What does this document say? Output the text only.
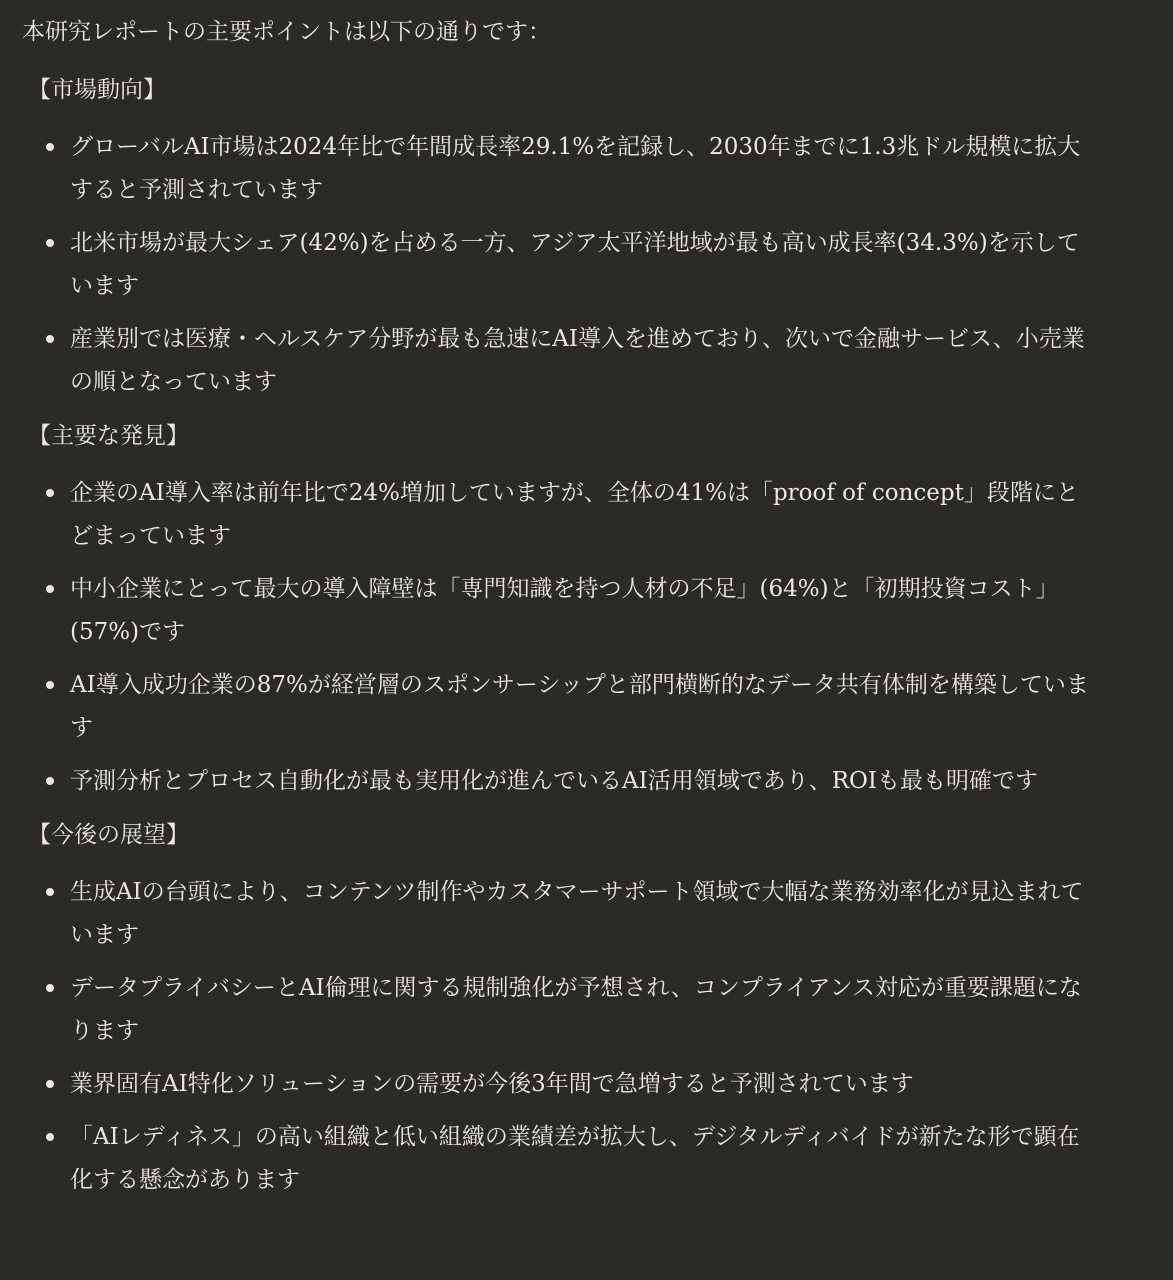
本研究レポートの主要ポイントは以下の通りです：

【市場動向】
グローバルAI市場は2024年比で年間成長率29.1%を記録し、2030年までに1.3兆ドル規模に拡大すると予測されています
北米市場が最大シェア(42%)を占める一方、アジア太平洋地域が最も高い成長率(34.3%)を示しています
産業別では医療・ヘルスケア分野が最も急速にAI導入を進めており、次いで金融サービス、小売業の順となっています
【主要な発見】
企業のAI導入率は前年比で24%増加していますが、全体の41%は「proof of concept」段階にとどまっています
中小企業にとって最大の導入障壁は「専門知識を持つ人材の不足」(64%)と「初期投資コスト」(57%)です
AI導入成功企業の87%が経営層のスポンサーシップと部門横断的なデータ共有体制を構築しています
予測分析とプロセス自動化が最も実用化が進んでいるAI活用領域であり、ROIも最も明確です
【今後の展望】
生成AIの台頭により、コンテンツ制作やカスタマーサポート領域で大幅な業務効率化が見込まれています
データプライバシーとAI倫理に関する規制強化が予想され、コンプライアンス対応が重要課題になります
業界固有AI特化ソリューションの需要が今後3年間で急増すると予測されています
「AIレディネス」の高い組織と低い組織の業績差が拡大し、デジタルディバイドが新たな形で顕在化する懸念があります
